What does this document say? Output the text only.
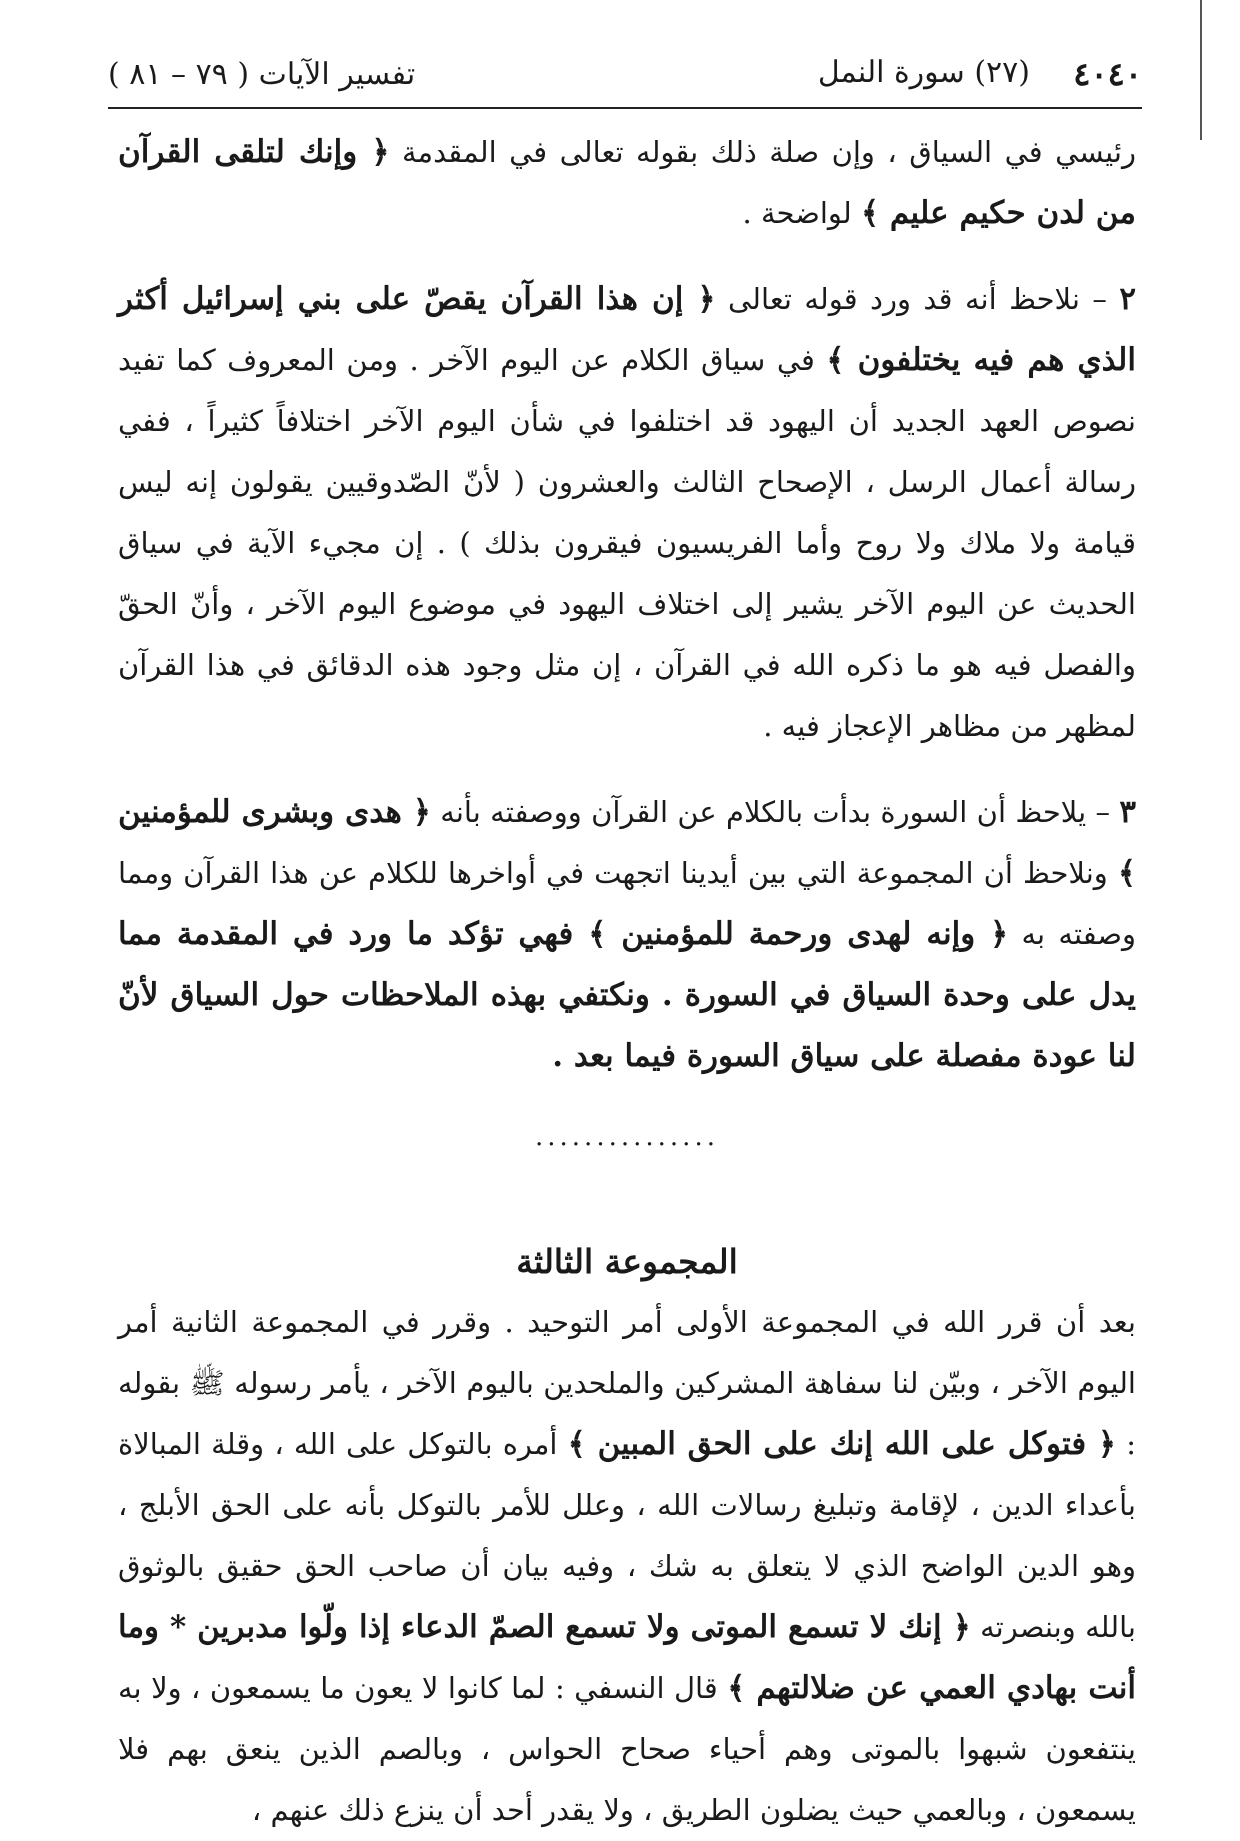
٤٠٤٠
(٢٧) سورة النمل
تفسير الآيات ( ٧٩ – ٨١ )

رئيسي في السياق ، وإن صلة ذلك بقوله تعالى في المقدمة ﴿ وإنك لتلقى القرآن من لدن حكيم عليم ﴾ لواضحة .

٢ – نلاحظ أنه قد ورد قوله تعالى ﴿ إن هذا القرآن يقصّ على بني إسرائيل أكثر الذي هم فيه يختلفون ﴾ في سياق الكلام عن اليوم الآخر . ومن المعروف كما تفيد نصوص العهد الجديد أن اليهود قد اختلفوا في شأن اليوم الآخر اختلافاً كثيراً ، ففي رسالة أعمال الرسل ، الإصحاح الثالث والعشرون ( لأنّ الصّدوقيين يقولون إنه ليس قيامة ولا ملاك ولا روح وأما الفريسيون فيقرون بذلك ) . إن مجيء الآية في سياق الحديث عن اليوم الآخر يشير إلى اختلاف اليهود في موضوع اليوم الآخر ، وأنّ الحقّ والفصل فيه هو ما ذكره الله في القرآن ، إن مثل وجود هذه الدقائق في هذا القرآن لمظهر من مظاهر الإعجاز فيه .

٣ – يلاحظ أن السورة بدأت بالكلام عن القرآن ووصفته بأنه ﴿ هدى وبشرى للمؤمنين ﴾ ونلاحظ أن المجموعة التي بين أيدينا اتجهت في أواخرها للكلام عن هذا القرآن ومما وصفته به ﴿ وإنه لهدى ورحمة للمؤمنين ﴾ فهي تؤكد ما ورد في المقدمة مما يدل على وحدة السياق في السورة . ونكتفي بهذه الملاحظات حول السياق لأنّ لنا عودة مفصلة على سياق السورة فيما بعد .

...............
المجموعة الثالثة

بعد أن قرر الله في المجموعة الأولى أمر التوحيد . وقرر في المجموعة الثانية أمر اليوم الآخر ، وبيّن لنا سفاهة المشركين والملحدين باليوم الآخر ، يأمر رسوله ﷺ بقوله : ﴿ فتوكل على الله إنك على الحق المبين ﴾ أمره بالتوكل على الله ، وقلة المبالاة بأعداء الدين ، لإقامة وتبليغ رسالات الله ، وعلل للأمر بالتوكل بأنه على الحق الأبلج ، وهو الدين الواضح الذي لا يتعلق به شك ، وفيه بيان أن صاحب الحق حقيق بالوثوق بالله وبنصرته ﴿ إنك لا تسمع الموتى ولا تسمع الصمّ الدعاء إذا ولّوا مدبرين * وما أنت بهادي العمي عن ضلالتهم ﴾ قال النسفي : لما كانوا لا يعون ما يسمعون ، ولا به ينتفعون شبهوا بالموتى وهم أحياء صحاح الحواس ، وبالصم الذين ينعق بهم فلا يسمعون ، وبالعمي حيث يضلون الطريق ، ولا يقدر أحد أن ينزع ذلك عنهم ،
